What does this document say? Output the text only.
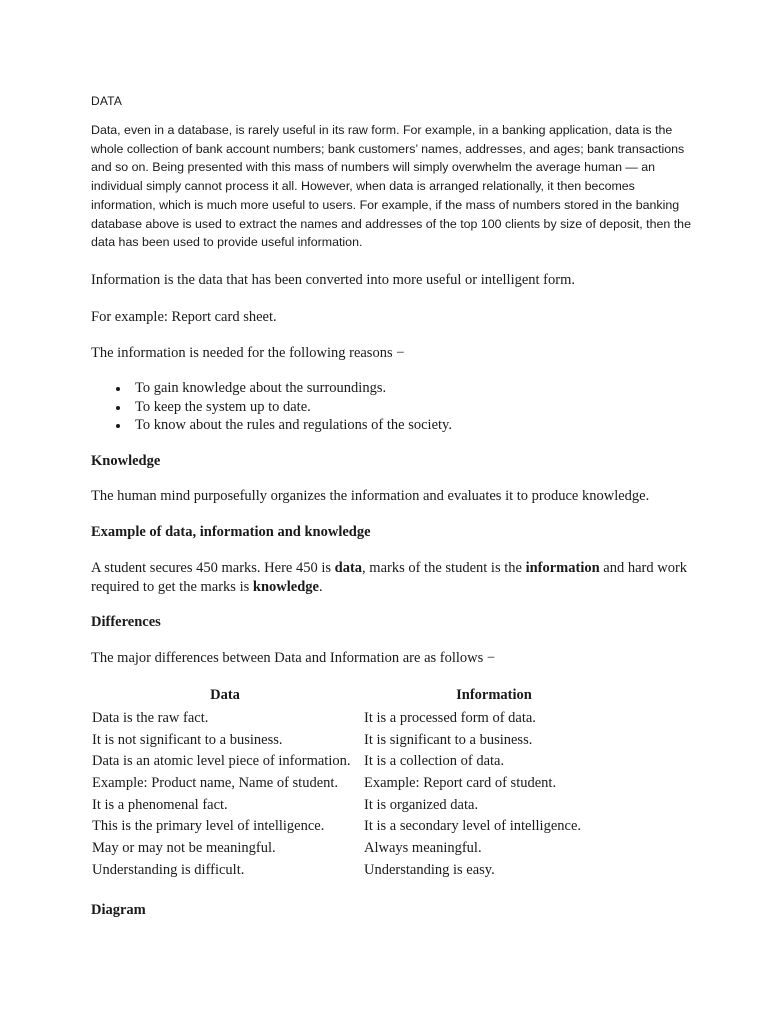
DATA
Data, even in a database, is rarely useful in its raw form. For example, in a banking application, data is the whole collection of bank account numbers; bank customers’ names, addresses, and ages; bank transactions and so on. Being presented with this mass of numbers will simply overwhelm the average human — an individual simply cannot process it all. However, when data is arranged relationally, it then becomes information, which is much more useful to users. For example, if the mass of numbers stored in the banking database above is used to extract the names and addresses of the top 100 clients by size of deposit, then the data has been used to provide useful information.
Information is the data that has been converted into more useful or intelligent form.
For example: Report card sheet.
The information is needed for the following reasons −
To gain knowledge about the surroundings.
To keep the system up to date.
To know about the rules and regulations of the society.
Knowledge
The human mind purposefully organizes the information and evaluates it to produce knowledge.
Example of data, information and knowledge
A student secures 450 marks. Here 450 is data, marks of the student is the information and hard work required to get the marks is knowledge.
Differences
The major differences between Data and Information are as follows −
Data	Information
Data is the raw fact.	It is a processed form of data.
It is not significant to a business.	It is significant to a business.
Data is an atomic level piece of information.	It is a collection of data.
Example: Product name, Name of student.	Example: Report card of student.
It is a phenomenal fact.	It is organized data.
This is the primary level of intelligence.	It is a secondary level of intelligence.
May or may not be meaningful.	Always meaningful.
Understanding is difficult.	Understanding is easy.
Diagram
